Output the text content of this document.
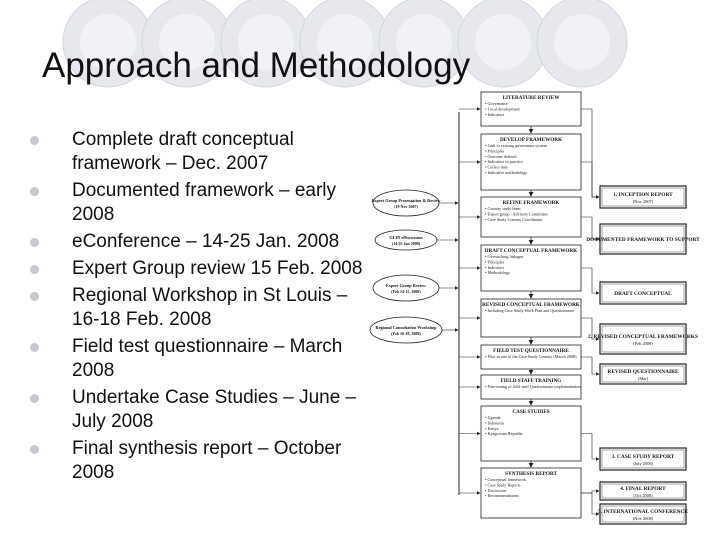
Approach and Methodology
Complete draft conceptual framework – Dec. 2007
Documented framework – early 2008
eConference – 14-25 Jan. 2008
Expert Group review 15 Feb. 2008
Regional Workshop in St Louis – 16-18 Feb. 2008
Field test questionnaire – March 2008
Undertake Case Studies – June – July 2008
Final synthesis report – October 2008
LITERATURE REVIEW
• Governance
• Local development
• Indicators
DEVELOP FRAMEWORK
• Link to existing governance system
• Principles
• Outcome defined
• Indicators in practice
• Collect data
• Indicative methodology
REFINE FRAMEWORK
• Country study team
• Expert group / Advisory Committee
• Case Study Country Coordinator
DRAFT CONCEPTUAL FRAMEWORK
• Overarching linkages
• Principles
• Indicators
• Methodology
REVISED CONCEPTUAL FRAMEWORK
• Including Case Study Work Plan and Questionnaire
FIELD TEST QUESTIONNAIRE
• Pilot in one of the Case Study Country (March 2008)
FIELD STAFF TRAINING
• Fine-tuning of field staff Questionnaire implementation
CASE STUDIES
• Uganda
• Indonesia
• Kenya
• Kyrgyzstan Republic
SYNTHESIS REPORT
• Conceptual framework
• Case Study Reports
• Discussion
• Recommendations
Expert Group Presentation & Review
(19 Nov 2007)
GLIN eDiscussion
(14-25 Jan 2008)
Expert Group Review
(Feb 14-15, 2008)
Regional Consultation Workshop
(Feb 16-18, 2008)
1. INCEPTION REPORT
(Nov 2007)
DOCUMENTED FRAMEWORK TO SUPPORT
DRAFT CONCEPTUAL
2. REVISED CONCEPTUAL FRAMEWORKS
(Feb 2008)
REVISED QUESTIONNAIRE
(Mar)
3. CASE STUDY REPORT
(July 2008)
4. FINAL REPORT
(Oct 2008)
5. INTERNATIONAL CONFERENCE
(Nov 2008)
